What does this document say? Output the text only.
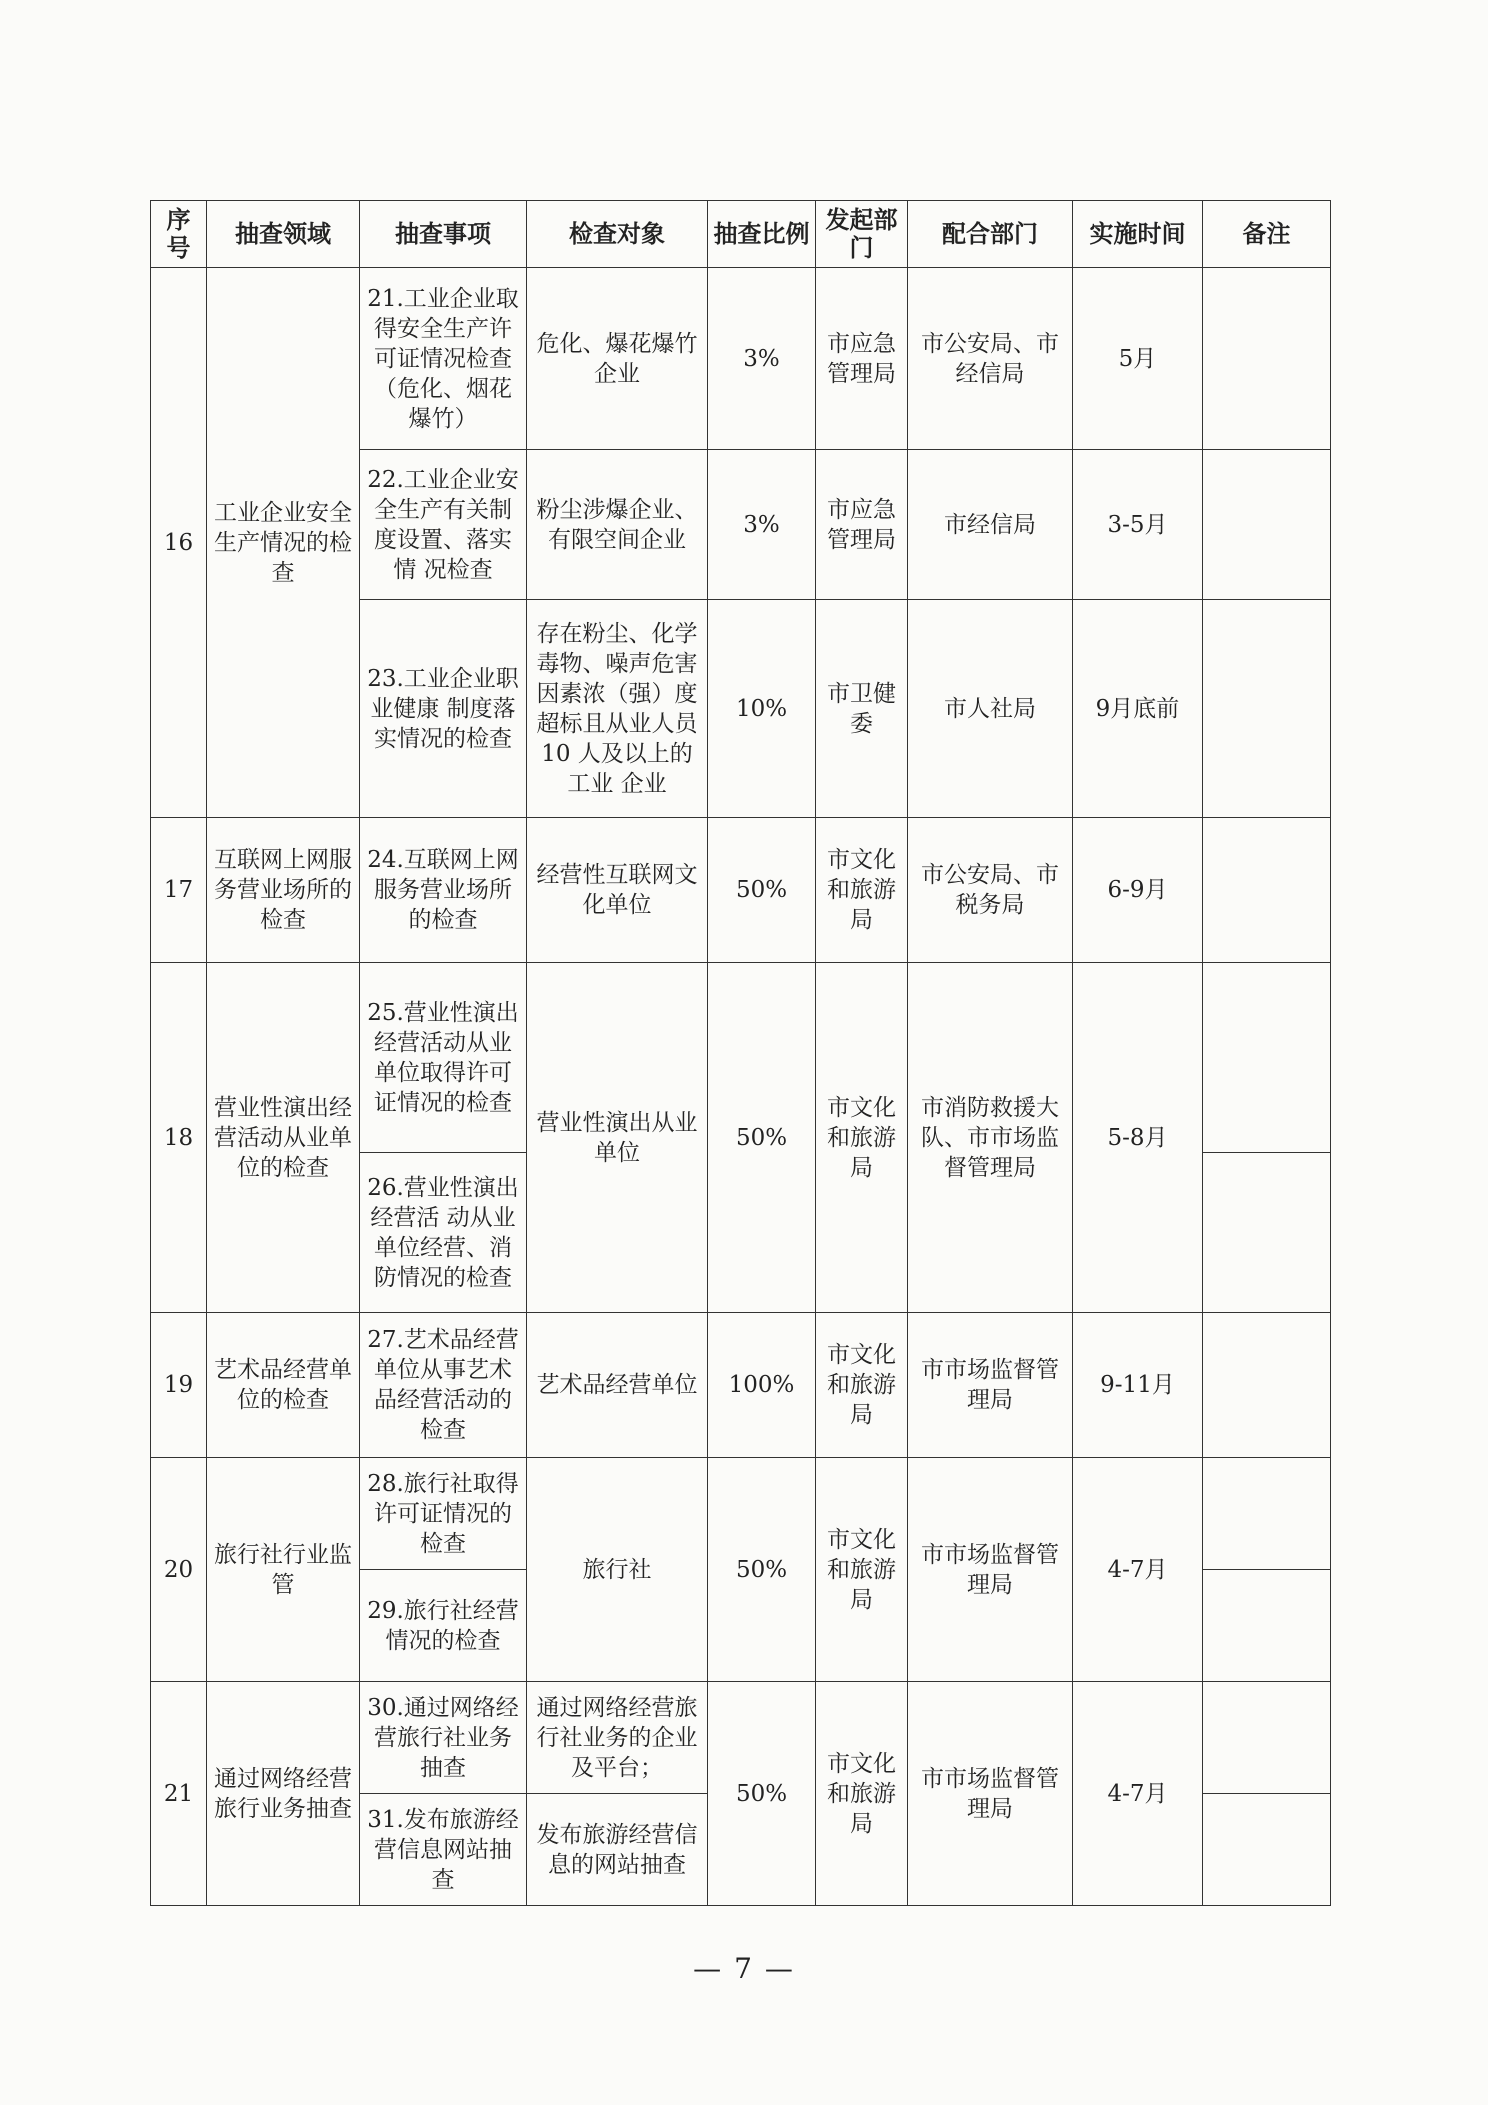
序号	抽查领域	抽查事项	检查对象	抽查比例	发起部门	配合部门	实施时间	备注
16	工业企业安全生产情况的检查	21.工业企业取得安全生产许可证情况检查（危化、烟花爆竹）	危化、爆花爆竹企业	3%	市应急管理局	市公安局、市经信局	5月	
		22.工业企业安全生产有关制度设置、落实情 况检查	粉尘涉爆企业、有限空间企业	3%	市应急管理局	市经信局	3-5月	
		23.工业企业职业健康 制度落实情况的检查	存在粉尘、化学毒物、噪声危害因素浓（强）度超标且从业人员10 人及以上的工业 企业	10%	市卫健委	市人社局	9月底前	
17	互联网上网服务营业场所的检查	24.互联网上网服务营业场所的检查	经营性互联网文化单位	50%	市文化和旅游局	市公安局、市税务局	6-9月	
18	营业性演出经营活动从业单位的检查	25.营业性演出经营活动从业单位取得许可证情况的检查	营业性演出从业单位	50%	市文化和旅游局	市消防救援大队、市市场监督管理局	5-8月	
		26.营业性演出经营活 动从业单位经营、消防情况的检查						
19	艺术品经营单位的检查	27.艺术品经营单位从事艺术品经营活动的检查	艺术品经营单位	100%	市文化和旅游局	市市场监督管理局	9-11月	
20	旅行社行业监管	28.旅行社取得许可证情况的检查	旅行社	50%	市文化和旅游局	市市场监督管理局	4-7月	
		29.旅行社经营情况的检查						
21	通过网络经营旅行业务抽查	30.通过网络经营旅行社业务抽查	通过网络经营旅行社业务的企业及平台；	50%	市文化和旅游局	市市场监督管理局	4-7月	
		31.发布旅游经营信息网站抽查	发布旅游经营信息的网站抽查					
— 7 —
